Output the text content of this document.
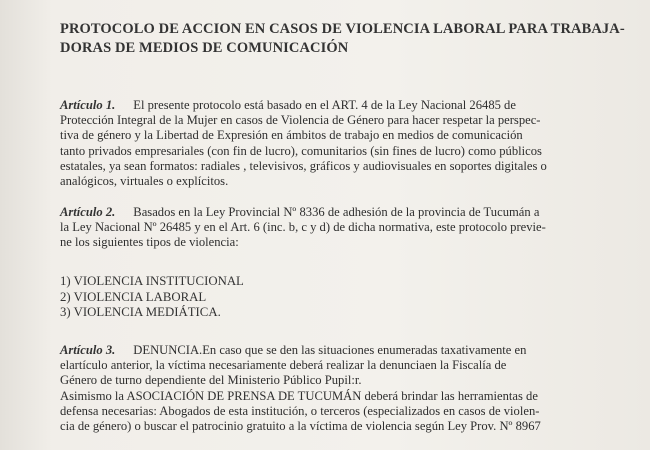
PROTOCOLO DE ACCION EN CASOS DE VIOLENCIA LABORAL PARA TRABAJA-
DORAS DE MEDIOS DE COMUNICACIÓN
Artículo 1. El presente protocolo está basado en el ART. 4 de la Ley Nacional 26485 de
Protección Integral de la Mujer en casos de Violencia de Género para hacer respetar la perspec-
tiva de género y la Libertad de Expresión en ámbitos de trabajo en medios de comunicación
tanto privados empresariales (con fin de lucro), comunitarios (sin fines de lucro) como públicos
estatales, ya sean formatos: radiales , televisivos, gráficos y audiovisuales en soportes digitales o
analógicos, virtuales o explícitos.
Artículo 2. Basados en la Ley Provincial Nº 8336 de adhesión de la provincia de Tucumán a
la Ley Nacional Nº 26485 y en el Art. 6 (inc. b, c y d) de dicha normativa, este protocolo previe-
ne los siguientes tipos de violencia:
1) VIOLENCIA INSTITUCIONAL
2) VIOLENCIA LABORAL
3) VIOLENCIA MEDIÁTICA.
Artículo 3. DENUNCIA.En caso que se den las situaciones enumeradas taxativamente en
elartículo anterior, la víctima necesariamente deberá realizar la denunciaen la Fiscalía de
Género de turno dependiente del Ministerio Público Pupil:r.
Asimismo la ASOCIACIÓN DE PRENSA DE TUCUMÁN deberá brindar las herramientas de
defensa necesarias: Abogados de esta institución, o terceros (especializados en casos de violen-
cia de género) o buscar el patrocinio gratuito a la víctima de violencia según Ley Prov. Nº 8967
